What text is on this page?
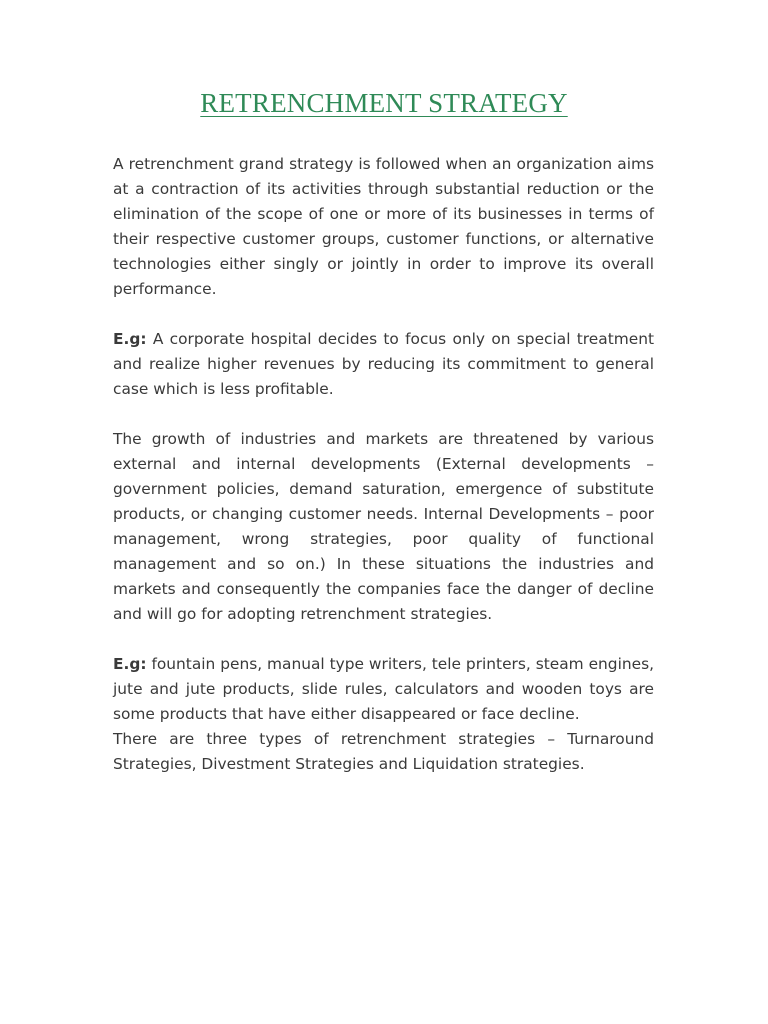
RETRENCHMENT STRATEGY

A retrenchment grand strategy is followed when an organization aims at a contraction of its activities through substantial reduction or the elimination of the scope of one or more of its businesses in terms of their respective customer groups, customer functions, or alternative technologies either singly or jointly in order to improve its overall performance.

E.g: A corporate hospital decides to focus only on special treatment and realize higher revenues by reducing its commitment to general case which is less profitable.

The growth of industries and markets are threatened by various external and internal developments (External developments – government policies, demand saturation, emergence of substitute products, or changing customer needs. Internal Developments – poor management, wrong strategies, poor quality of functional management and so on.) In these situations the industries and markets and consequently the companies face the danger of decline and will go for adopting retrenchment strategies.

E.g: fountain pens, manual type writers, tele printers, steam engines, jute and jute products, slide rules, calculators and wooden toys are some products that have either disappeared or face decline.

There are three types of retrenchment strategies – Turnaround Strategies, Divestment Strategies and Liquidation strategies.
